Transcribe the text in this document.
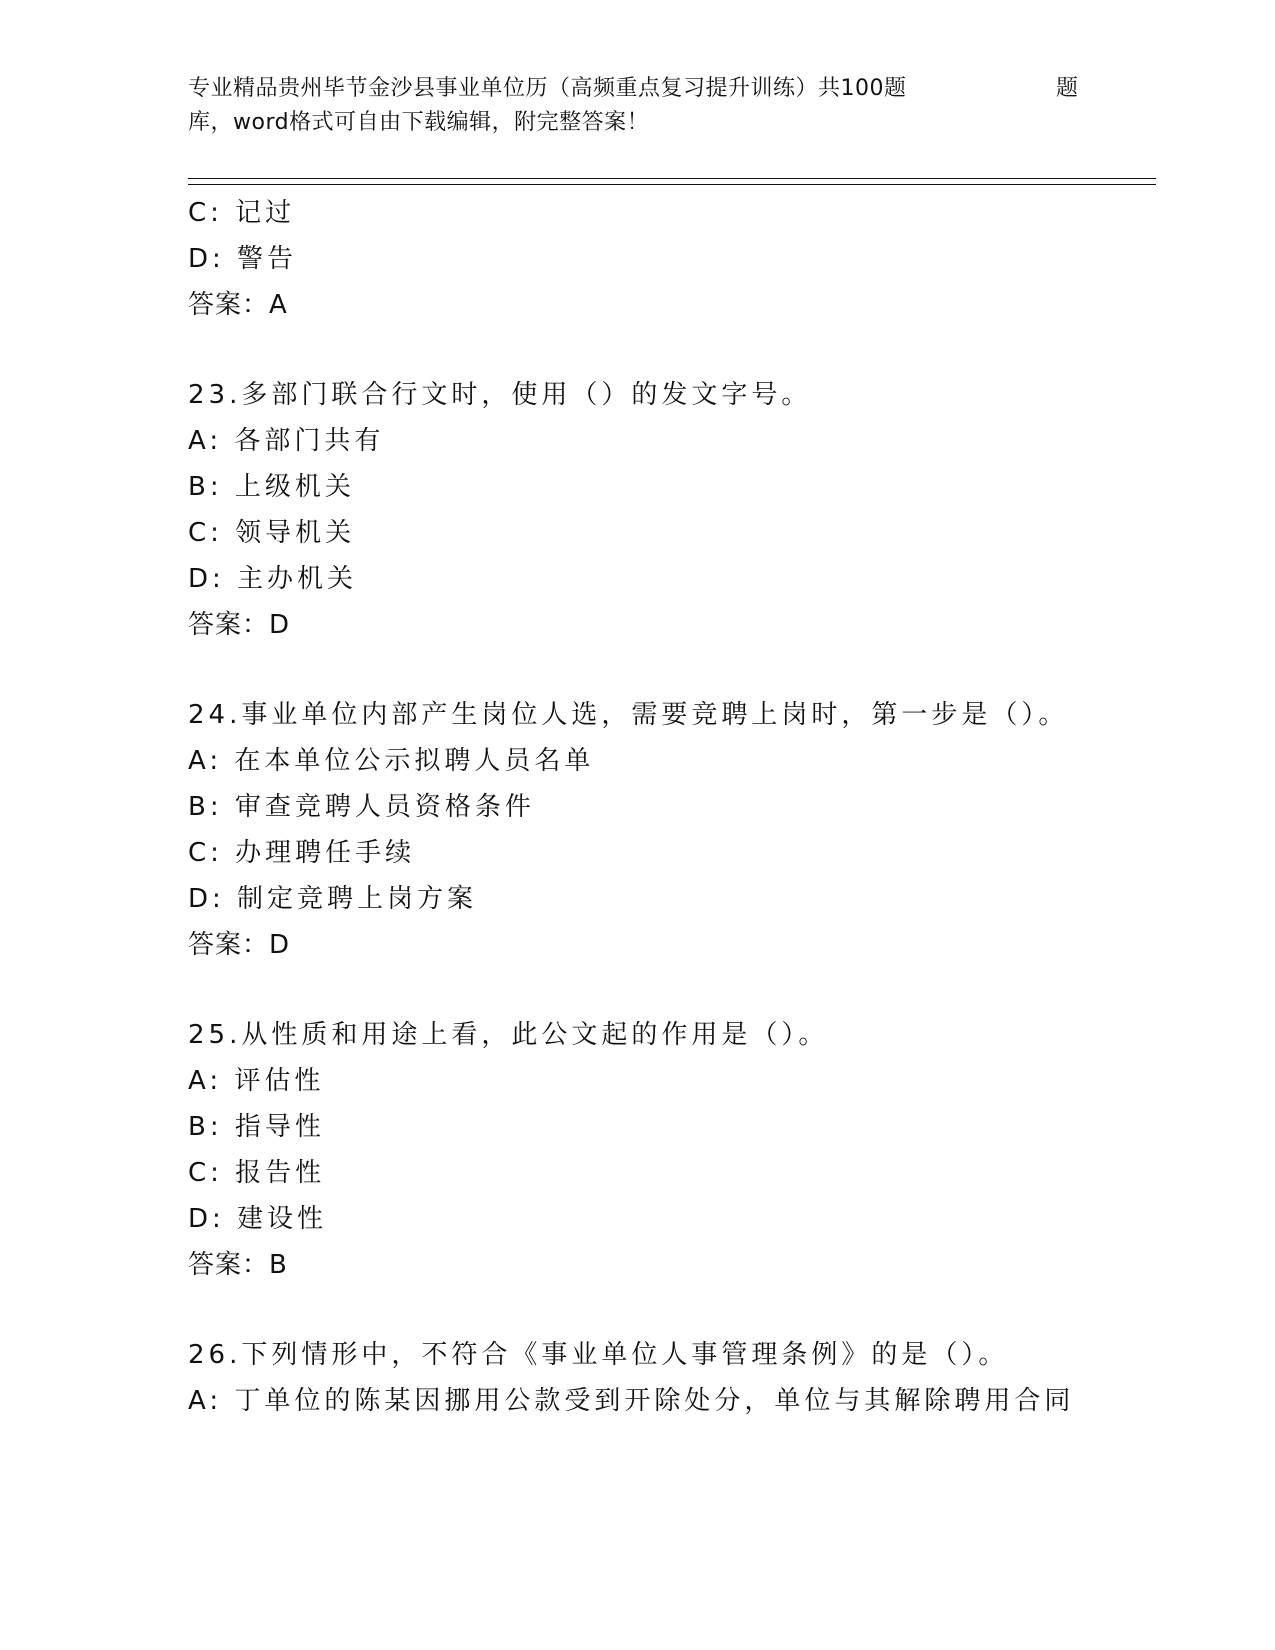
专业精品贵州毕节金沙县事业单位历（高频重点复习提升训练）共100题	题
库，word格式可自由下载编辑，附完整答案！
C: 记过
D: 警告
答案：A
23.多部门联合行文时，使用（）的发文字号。
A: 各部门共有
B: 上级机关
C: 领导机关
D: 主办机关
答案：D
24.事业单位内部产生岗位人选，需要竞聘上岗时，第一步是（）。
A: 在本单位公示拟聘人员名单
B: 审查竞聘人员资格条件
C: 办理聘任手续
D: 制定竞聘上岗方案
答案：D
25.从性质和用途上看，此公文起的作用是（）。
A: 评估性
B: 指导性
C: 报告性
D: 建设性
答案：B
26.下列情形中，不符合《事业单位人事管理条例》的是（）。
A: 丁单位的陈某因挪用公款受到开除处分，单位与其解除聘用合同
